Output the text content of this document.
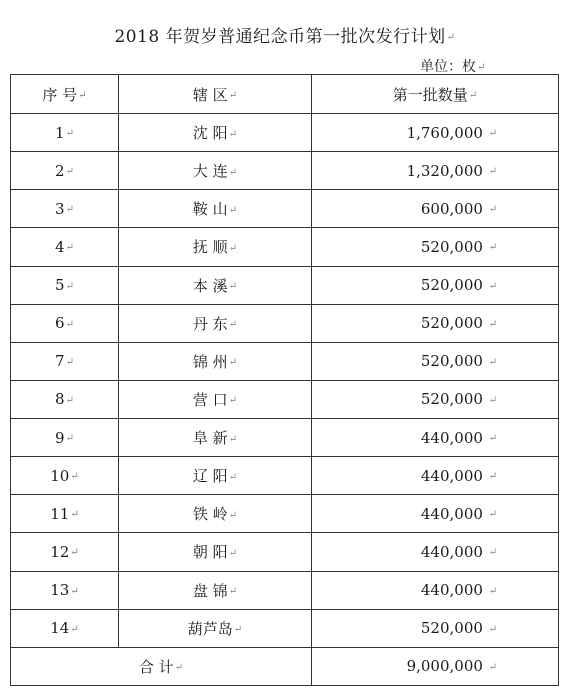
2018 年贺岁普通纪念币第一批次发行计划↵
单位：枚↵
序 号↵	辖 区↵	第一批数量↵
1↵	沈 阳↵	1,760,000 ↵
2↵	大 连↵	1,320,000 ↵
3↵	鞍 山↵	600,000 ↵
4↵	抚 顺↵	520,000 ↵
5↵	本 溪↵	520,000 ↵
6↵	丹 东↵	520,000 ↵
7↵	锦 州↵	520,000 ↵
8↵	营 口↵	520,000 ↵
9↵	阜 新↵	440,000 ↵
10↵	辽 阳↵	440,000 ↵
11↵	铁 岭↵	440,000 ↵
12↵	朝 阳↵	440,000 ↵
13↵	盘 锦↵	440,000 ↵
14↵	葫芦岛↵	520,000 ↵
合 计↵		9,000,000 ↵
